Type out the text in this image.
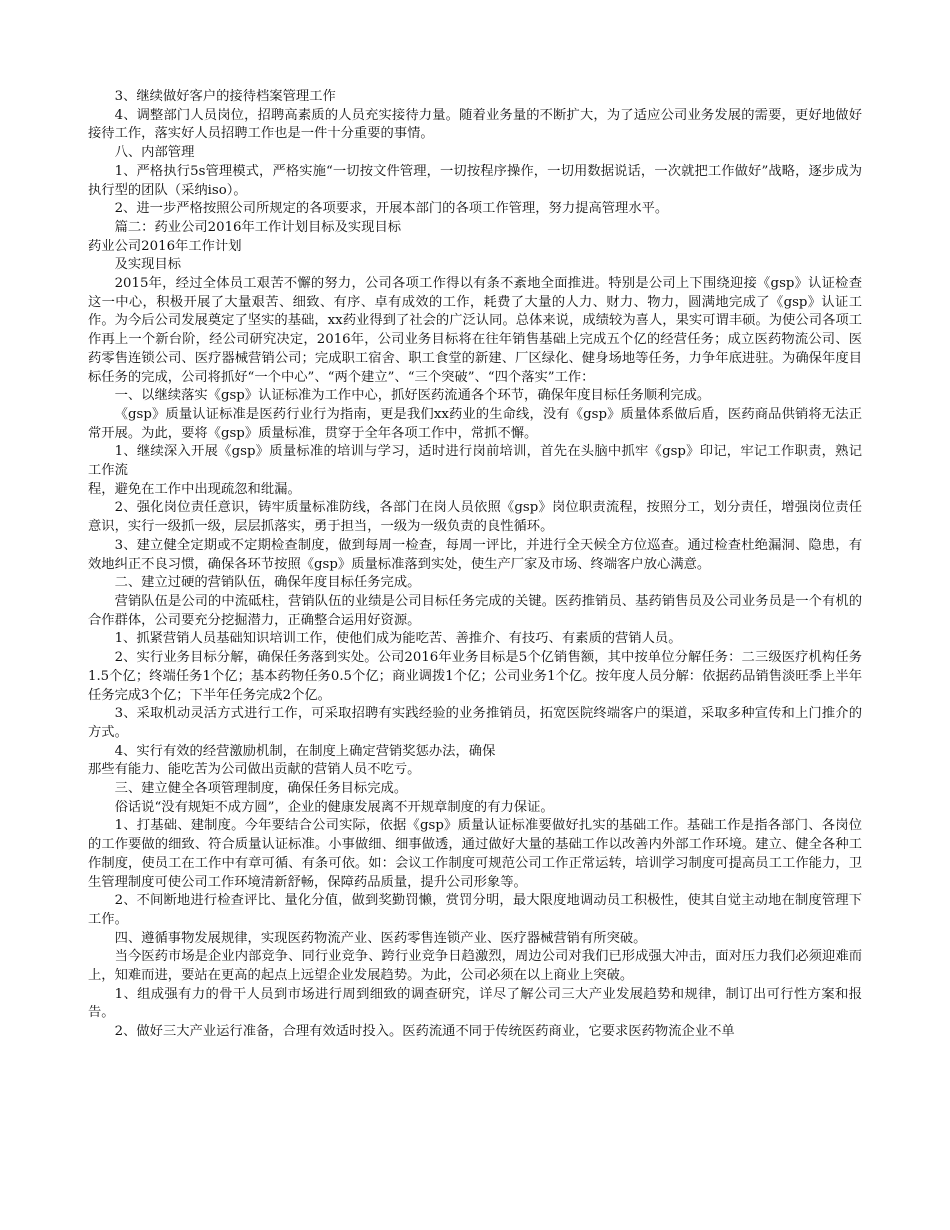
3、继续做好客户的接待档案管理工作

4、调整部门人员岗位，招聘高素质的人员充实接待力量。随着业务量的不断扩大，为了适应公司业务发展的需要，更好地做好接待工作，落实好人员招聘工作也是一件十分重要的事情。

八、内部管理

1、严格执行5s管理模式，严格实施“一切按文件管理，一切按程序操作，一切用数据说话，一次就把工作做好”战略，逐步成为执行型的团队（采纳iso）。

2、进一步严格按照公司所规定的各项要求，开展本部门的各项工作管理，努力提高管理水平。

篇二：药业公司2016年工作计划目标及实现目标

药业公司2016年工作计划

及实现目标

2015年，经过全体员工艰苦不懈的努力，公司各项工作得以有条不紊地全面推进。特别是公司上下围绕迎接《gsp》认证检查这一中心，积极开展了大量艰苦、细致、有序、卓有成效的工作，耗费了大量的人力、财力、物力，圆满地完成了《gsp》认证工作。为今后公司发展奠定了坚实的基础，xx药业得到了社会的广泛认同。总体来说，成绩较为喜人，果实可谓丰硕。为使公司各项工作再上一个新台阶，经公司研究决定，2016年，公司业务目标将在往年销售基础上完成五个亿的经营任务；成立医药物流公司、医药零售连锁公司、医疗器械营销公司；完成职工宿舍、职工食堂的新建、厂区绿化、健身场地等任务，力争年底进驻。为确保年度目标任务的完成，公司将抓好“一个中心”、“两个建立”、“三个突破”、“四个落实”工作：

一、以继续落实《gsp》认证标准为工作中心，抓好医药流通各个环节，确保年度目标任务顺利完成。

《gsp》质量认证标准是医药行业行为指南，更是我们xx药业的生命线，没有《gsp》质量体系做后盾，医药商品供销将无法正常开展。为此，要将《gsp》质量标准，贯穿于全年各项工作中，常抓不懈。

1、继续深入开展《gsp》质量标准的培训与学习，适时进行岗前培训，首先在头脑中抓牢《gsp》印记，牢记工作职责，熟记工作流

程，避免在工作中出现疏忽和纰漏。

2、强化岗位责任意识，铸牢质量标准防线，各部门在岗人员依照《gsp》岗位职责流程，按照分工，划分责任，增强岗位责任意识，实行一级抓一级，层层抓落实，勇于担当，一级为一级负责的良性循环。

3、建立健全定期或不定期检查制度，做到每周一检查，每周一评比，并进行全天候全方位巡查。通过检查杜绝漏洞、隐患，有效地纠正不良习惯，确保各环节按照《gsp》质量标准落到实处，使生产厂家及市场、终端客户放心满意。

二、建立过硬的营销队伍，确保年度目标任务完成。

营销队伍是公司的中流砥柱，营销队伍的业绩是公司目标任务完成的关键。医药推销员、基药销售员及公司业务员是一个有机的合作群体，公司要充分挖掘潜力，正确整合运用好资源。

1、抓紧营销人员基础知识培训工作，使他们成为能吃苦、善推介、有技巧、有素质的营销人员。

2、实行业务目标分解，确保任务落到实处。公司2016年业务目标是5个亿销售额，其中按单位分解任务：二三级医疗机构任务1.5个亿；终端任务1个亿；基本药物任务0.5个亿；商业调拨1个亿；公司业务1个亿。按年度人员分解：依据药品销售淡旺季上半年任务完成3个亿；下半年任务完成2个亿。

3、采取机动灵活方式进行工作，可采取招聘有实践经验的业务推销员，拓宽医院终端客户的渠道，采取多种宣传和上门推介的方式。

4、实行有效的经营激励机制，在制度上确定营销奖惩办法，确保

那些有能力、能吃苦为公司做出贡献的营销人员不吃亏。

三、建立健全各项管理制度，确保任务目标完成。

俗话说“没有规矩不成方圆”，企业的健康发展离不开规章制度的有力保证。

1、打基础、建制度。今年要结合公司实际，依据《gsp》质量认证标准要做好扎实的基础工作。基础工作是指各部门、各岗位的工作要做的细致、符合质量认证标准。小事做细、细事做透，通过做好大量的基础工作以改善内外部工作环境。建立、健全各种工作制度，使员工在工作中有章可循、有条可依。如：会议工作制度可规范公司工作正常运转，培训学习制度可提高员工工作能力，卫生管理制度可使公司工作环境清新舒畅，保障药品质量，提升公司形象等。

2、不间断地进行检查评比、量化分值，做到奖勤罚懒，赏罚分明，最大限度地调动员工积极性，使其自觉主动地在制度管理下工作。

四、遵循事物发展规律，实现医药物流产业、医药零售连锁产业、医疗器械营销有所突破。

当今医药市场是企业内部竞争、同行业竞争、跨行业竞争日趋激烈，周边公司对我们已形成强大冲击，面对压力我们必须迎难而上，知难而进，要站在更高的起点上远望企业发展趋势。为此，公司必须在以上商业上突破。

1、组成强有力的骨干人员到市场进行周到细致的调查研究，详尽了解公司三大产业发展趋势和规律，制订出可行性方案和报告。

2、做好三大产业运行准备，合理有效适时投入。医药流通不同于传统医药商业，它要求医药物流企业不单
